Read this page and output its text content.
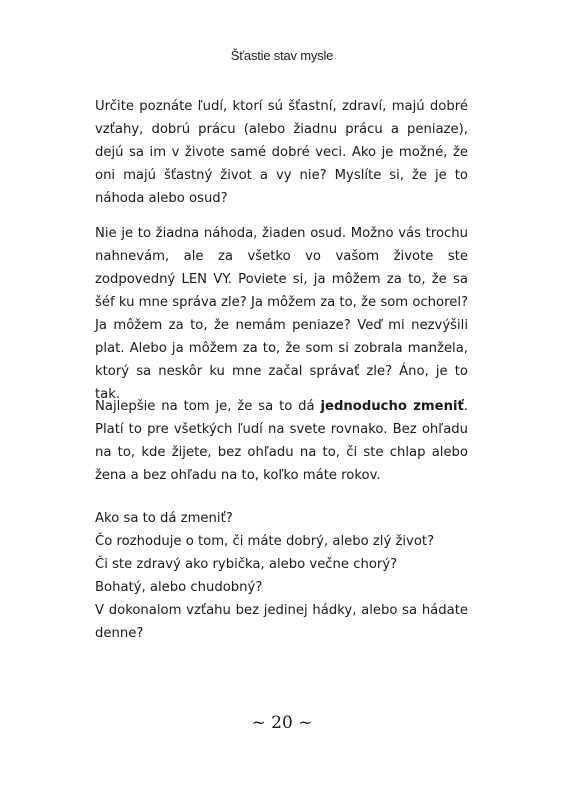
Šťastie stav mysle

Určite poznáte ľudí, ktorí sú šťastní, zdraví, majú dobré vzťahy, dobrú prácu (alebo žiadnu prácu a peniaze), dejú sa im v živote samé dobré veci. Ako je možné, že oni majú šťastný život a vy nie? Myslíte si, že je to náhoda alebo osud?

Nie je to žiadna náhoda, žiaden osud. Možno vás trochu nahnevám, ale za všetko vo vašom živote ste zodpovedný LEN VY. Poviete si, ja môžem za to, že sa šéf ku mne správa zle? Ja môžem za to, že som ochorel? Ja môžem za to, že nemám peniaze? Veď mi nezvýšili plat. Alebo ja môžem za to, že som si zobrala manžela, ktorý sa neskôr ku mne začal správať zle? Áno, je to tak.

Najlepšie na tom je, že sa to dá jednoducho zmeniť. Platí to pre všetkých ľudí na svete rovnako. Bez ohľadu na to, kde žijete, bez ohľadu na to, či ste chlap alebo žena a bez ohľadu na to, koľko máte rokov.

Ako sa to dá zmeniť?

Čo rozhoduje o tom, či máte dobrý, alebo zlý život?

Či ste zdravý ako rybička, alebo večne chorý?

Bohatý, alebo chudobný?

V dokonalom vzťahu bez jedinej hádky, alebo sa hádate denne?

~ 20 ~
